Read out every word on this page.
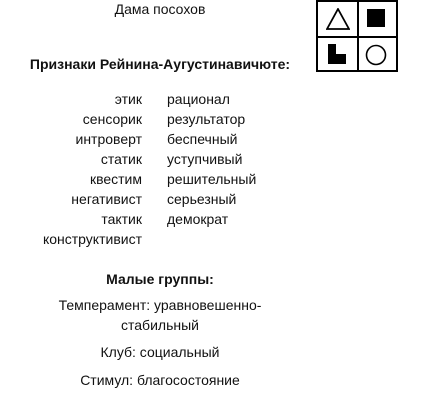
Дама посохов
Признаки Рейнина-Аугустинавичюте:
этик
сенсорик
интроверт
статик
квестим
негативист
тактик
конструктивист
рационал
результатор
беспечный
уступчивый
решительный
серьезный
демократ
Малые группы:
Темперамент: уравновешенно-
стабильный
Клуб: социальный
Стимул: благосостояние
